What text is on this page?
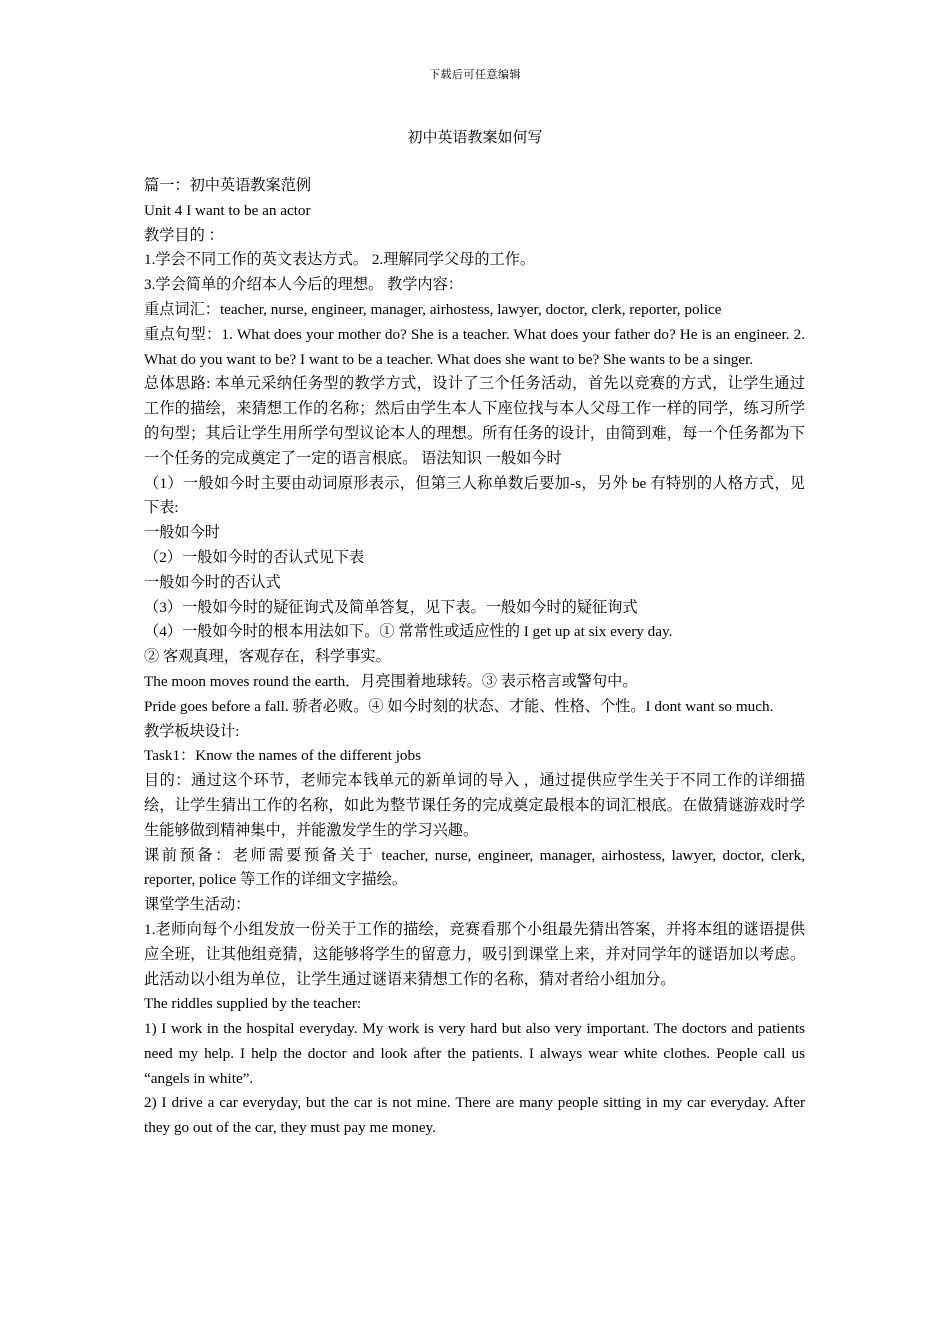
下载后可任意编辑
初中英语教案如何写

篇一：初中英语教案范例

Unit 4 I want to be an actor

教学目的 ：

1.学会不同工作的英文表达方式。 2.理解同学父母的工作。

3.学会简单的介绍本人今后的理想。 教学内容：

重点词汇：teacher, nurse, engineer, manager, airhostess, lawyer, doctor, clerk, reporter, police

重点句型：1. What does your mother do? She is a teacher. What does your father do? He is an engineer. 2. What do you want to be? I want to be a teacher. What does she want to be? She wants to be a singer.

总体思路: 本单元采纳任务型的教学方式，设计了三个任务活动，首先以竞赛的方式，让学生通过工作的描绘，来猜想工作的名称；然后由学生本人下座位找与本人父母工作一样的同学，练习所学的句型；其后让学生用所学句型议论本人的理想。所有任务的设计，由简到难，每一个任务都为下一个任务的完成奠定了一定的语言根底。 语法知识 一般如今时

（1）一般如今时主要由动词原形表示，但第三人称单数后要加-s，另外 be 有特别的人格方式，见下表:

一般如今时

（2）一般如今时的否认式见下表

一般如今时的否认式

（3）一般如今时的疑征询式及简单答复，见下表。一般如今时的疑征询式

（4）一般如今时的根本用法如下。① 常常性或适应性的 I get up at six every day.

② 客观真理，客观存在，科学事实。

The moon moves round the earth．月亮围着地球转。③ 表示格言或警句中。

Pride goes before a fall. 骄者必败。④ 如今时刻的状态、才能、性格、个性。I dont want so much.

教学板块设计:

Task1：Know the names of the different jobs

目的：通过这个环节，老师完本钱单元的新单词的导入 ，通过提供应学生关于不同工作的详细描绘，让学生猜出工作的名称，如此为整节课任务的完成奠定最根本的词汇根底。在做猜谜游戏时学生能够做到精神集中，并能激发学生的学习兴趣。

课前预备：老师需要预备关于 teacher, nurse, engineer, manager, airhostess, lawyer, doctor, clerk, reporter, police 等工作的详细文字描绘。

课堂学生活动：

1.老师向每个小组发放一份关于工作的描绘，竞赛看那个小组最先猜出答案，并将本组的谜语提供应全班，让其他组竞猜，这能够将学生的留意力，吸引到课堂上来，并对同学年的谜语加以考虑。此活动以小组为单位，让学生通过谜语来猜想工作的名称，猜对者给小组加分。

The riddles supplied by the teacher:

1) I work in the hospital everyday. My work is very hard but also very important. The doctors and patients need my help. I help the doctor and look after the patients. I always wear white clothes. People call us “angels in white”.

2) I drive a car everyday, but the car is not mine. There are many people sitting in my car everyday. After they go out of the car, they must pay me money.
